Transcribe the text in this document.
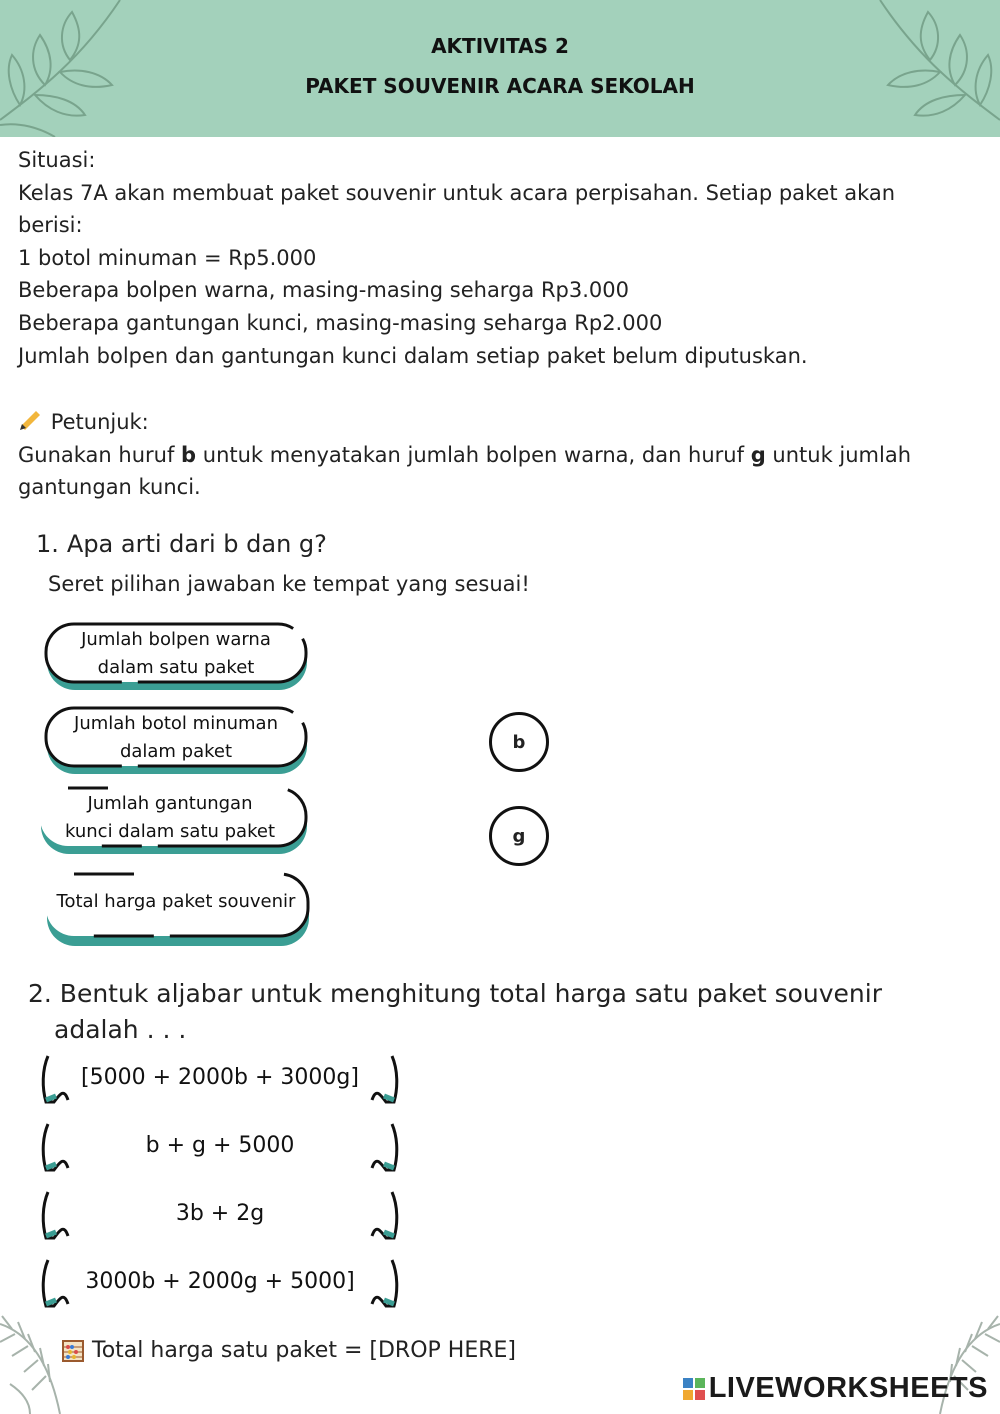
AKTIVITAS 2
PAKET SOUVENIR ACARA SEKOLAH
Situasi:
Kelas 7A akan membuat paket souvenir untuk acara perpisahan. Setiap paket akan
berisi:
1 botol minuman = Rp5.000
Beberapa bolpen warna, masing-masing seharga Rp3.000
Beberapa gantungan kunci, masing-masing seharga Rp2.000
Jumlah bolpen dan gantungan kunci dalam setiap paket belum diputuskan.
Petunjuk:
Gunakan huruf b untuk menyatakan jumlah bolpen warna, dan huruf g untuk jumlah
gantungan kunci.
1. Apa arti dari b dan g?
Seret pilihan jawaban ke tempat yang sesuai!
Jumlah bolpen warna
dalam satu paket
Jumlah botol minuman
dalam paket
Jumlah gantungan
kunci dalam satu paket
Total harga paket souvenir
b
g
2. Bentuk aljabar untuk menghitung total harga satu paket souvenir
adalah . . .
[5000 + 2000b + 3000g]
b + g + 5000
3b + 2g
3000b + 2000g + 5000]
Total harga satu paket = [DROP HERE]
LIVEWORKSHEETS
